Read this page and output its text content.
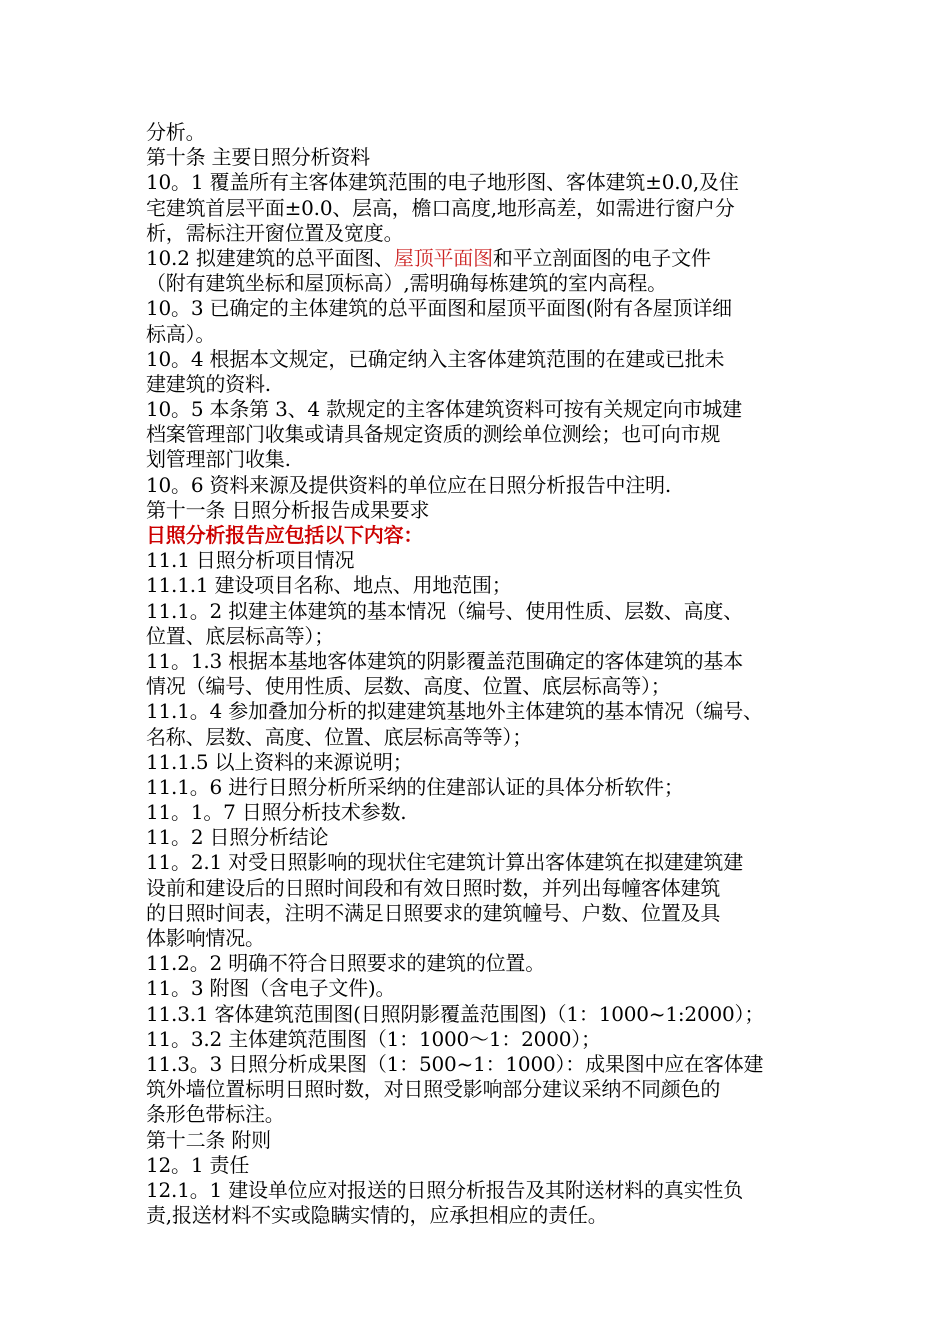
分析。
第十条 主要日照分析资料
10。1 覆盖所有主客体建筑范围的电子地形图、客体建筑±0.0,及住
宅建筑首层平面±0.0、层高，檐口高度,地形高差，如需进行窗户分
析，需标注开窗位置及宽度。
10.2 拟建建筑的总平面图、屋顶平面图和平立剖面图的电子文件
（附有建筑坐标和屋顶标高）,需明确每栋建筑的室内高程。
10。3 已确定的主体建筑的总平面图和屋顶平面图(附有各屋顶详细
标高）。
10。4 根据本文规定，已确定纳入主客体建筑范围的在建或已批未
建建筑的资料.
10。5 本条第 3、4 款规定的主客体建筑资料可按有关规定向市城建
档案管理部门收集或请具备规定资质的测绘单位测绘；也可向市规
划管理部门收集.
10。6 资料来源及提供资料的单位应在日照分析报告中注明.
第十一条 日照分析报告成果要求
日照分析报告应包括以下内容：
11.1 日照分析项目情况
11.1.1 建设项目名称、地点、用地范围；
11.1。2 拟建主体建筑的基本情况（编号、使用性质、层数、高度、
位置、底层标高等）；
11。1.3 根据本基地客体建筑的阴影覆盖范围确定的客体建筑的基本
情况（编号、使用性质、层数、高度、位置、底层标高等）；
11.1。4 参加叠加分析的拟建建筑基地外主体建筑的基本情况（编号、
名称、层数、高度、位置、底层标高等等）；
11.1.5 以上资料的来源说明；
11.1。6 进行日照分析所采纳的住建部认证的具体分析软件；
11。1。7 日照分析技术参数.
11。2 日照分析结论
11。2.1 对受日照影响的现状住宅建筑计算出客体建筑在拟建建筑建
设前和建设后的日照时间段和有效日照时数，并列出每幢客体建筑
的日照时间表，注明不满足日照要求的建筑幢号、户数、位置及具
体影响情况。
11.2。2 明确不符合日照要求的建筑的位置。
11。3 附图（含电子文件)。
11.3.1 客体建筑范围图(日照阴影覆盖范围图)（1：1000~1:2000）；
11。3.2 主体建筑范围图（1：1000～1：2000）；
11.3。3 日照分析成果图（1：500~1：1000）：成果图中应在客体建
筑外墙位置标明日照时数，对日照受影响部分建议采纳不同颜色的
条形色带标注。
第十二条 附则
12。1 责任
12.1。1 建设单位应对报送的日照分析报告及其附送材料的真实性负
责,报送材料不实或隐瞒实情的，应承担相应的责任。
